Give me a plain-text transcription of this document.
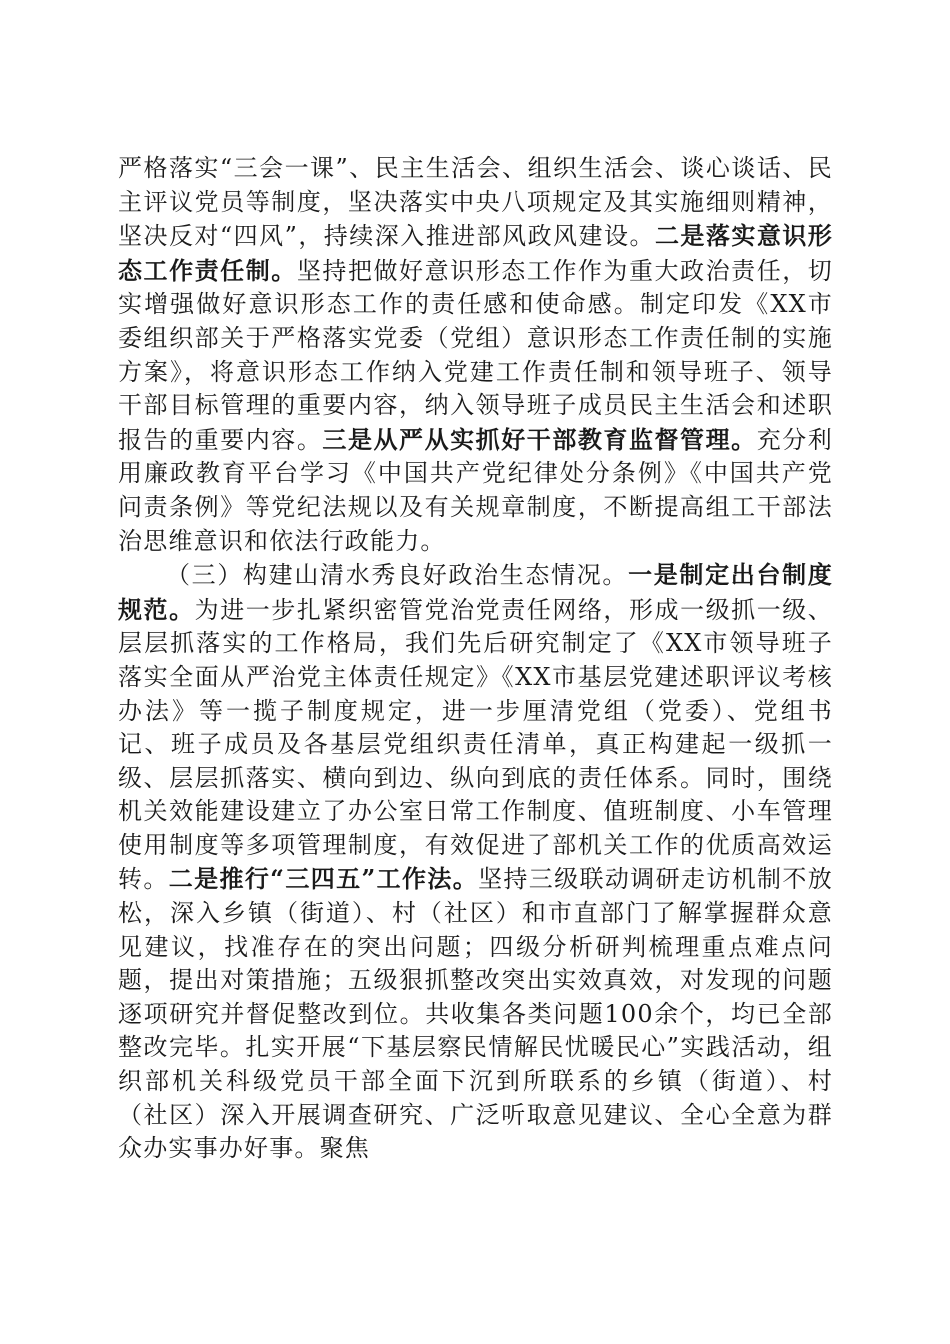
严格落实“三会一课”、民主生活会、组织生活会、谈心谈话、民主评议党员等制度，坚决落实中央八项规定及其实施细则精神，坚决反对“四风”，持续深入推进部风政风建设。二是落实意识形态工作责任制。坚持把做好意识形态工作作为重大政治责任，切实增强做好意识形态工作的责任感和使命感。制定印发《XX市委组织部关于严格落实党委（党组）意识形态工作责任制的实施方案》，将意识形态工作纳入党建工作责任制和领导班子、领导干部目标管理的重要内容，纳入领导班子成员民主生活会和述职报告的重要内容。三是从严从实抓好干部教育监督管理。充分利用廉政教育平台学习《中国共产党纪律处分条例》《中国共产党问责条例》等党纪法规以及有关规章制度，不断提高组工干部法治思维意识和依法行政能力。

（三）构建山清水秀良好政治生态情况。一是制定出台制度规范。为进一步扎紧织密管党治党责任网络，形成一级抓一级、层层抓落实的工作格局，我们先后研究制定了《XX市领导班子落实全面从严治党主体责任规定》《XX市基层党建述职评议考核办法》等一揽子制度规定，进一步厘清党组（党委）、党组书记、班子成员及各基层党组织责任清单，真正构建起一级抓一级、层层抓落实、横向到边、纵向到底的责任体系。同时，围绕机关效能建设建立了办公室日常工作制度、值班制度、小车管理使用制度等多项管理制度，有效促进了部机关工作的优质高效运转。二是推行“三四五”工作法。坚持三级联动调研走访机制不放松，深入乡镇（街道）、村（社区）和市直部门了解掌握群众意见建议，找准存在的突出问题；四级分析研判梳理重点难点问题，提出对策措施；五级狠抓整改突出实效真效，对发现的问题逐项研究并督促整改到位。共收集各类问题100余个，均已全部整改完毕。扎实开展“下基层察民情解民忧暖民心”实践活动，组织部机关科级党员干部全面下沉到所联系的乡镇（街道）、村（社区）深入开展调查研究、广泛听取意见建议、全心全意为群众办实事办好事。聚焦
